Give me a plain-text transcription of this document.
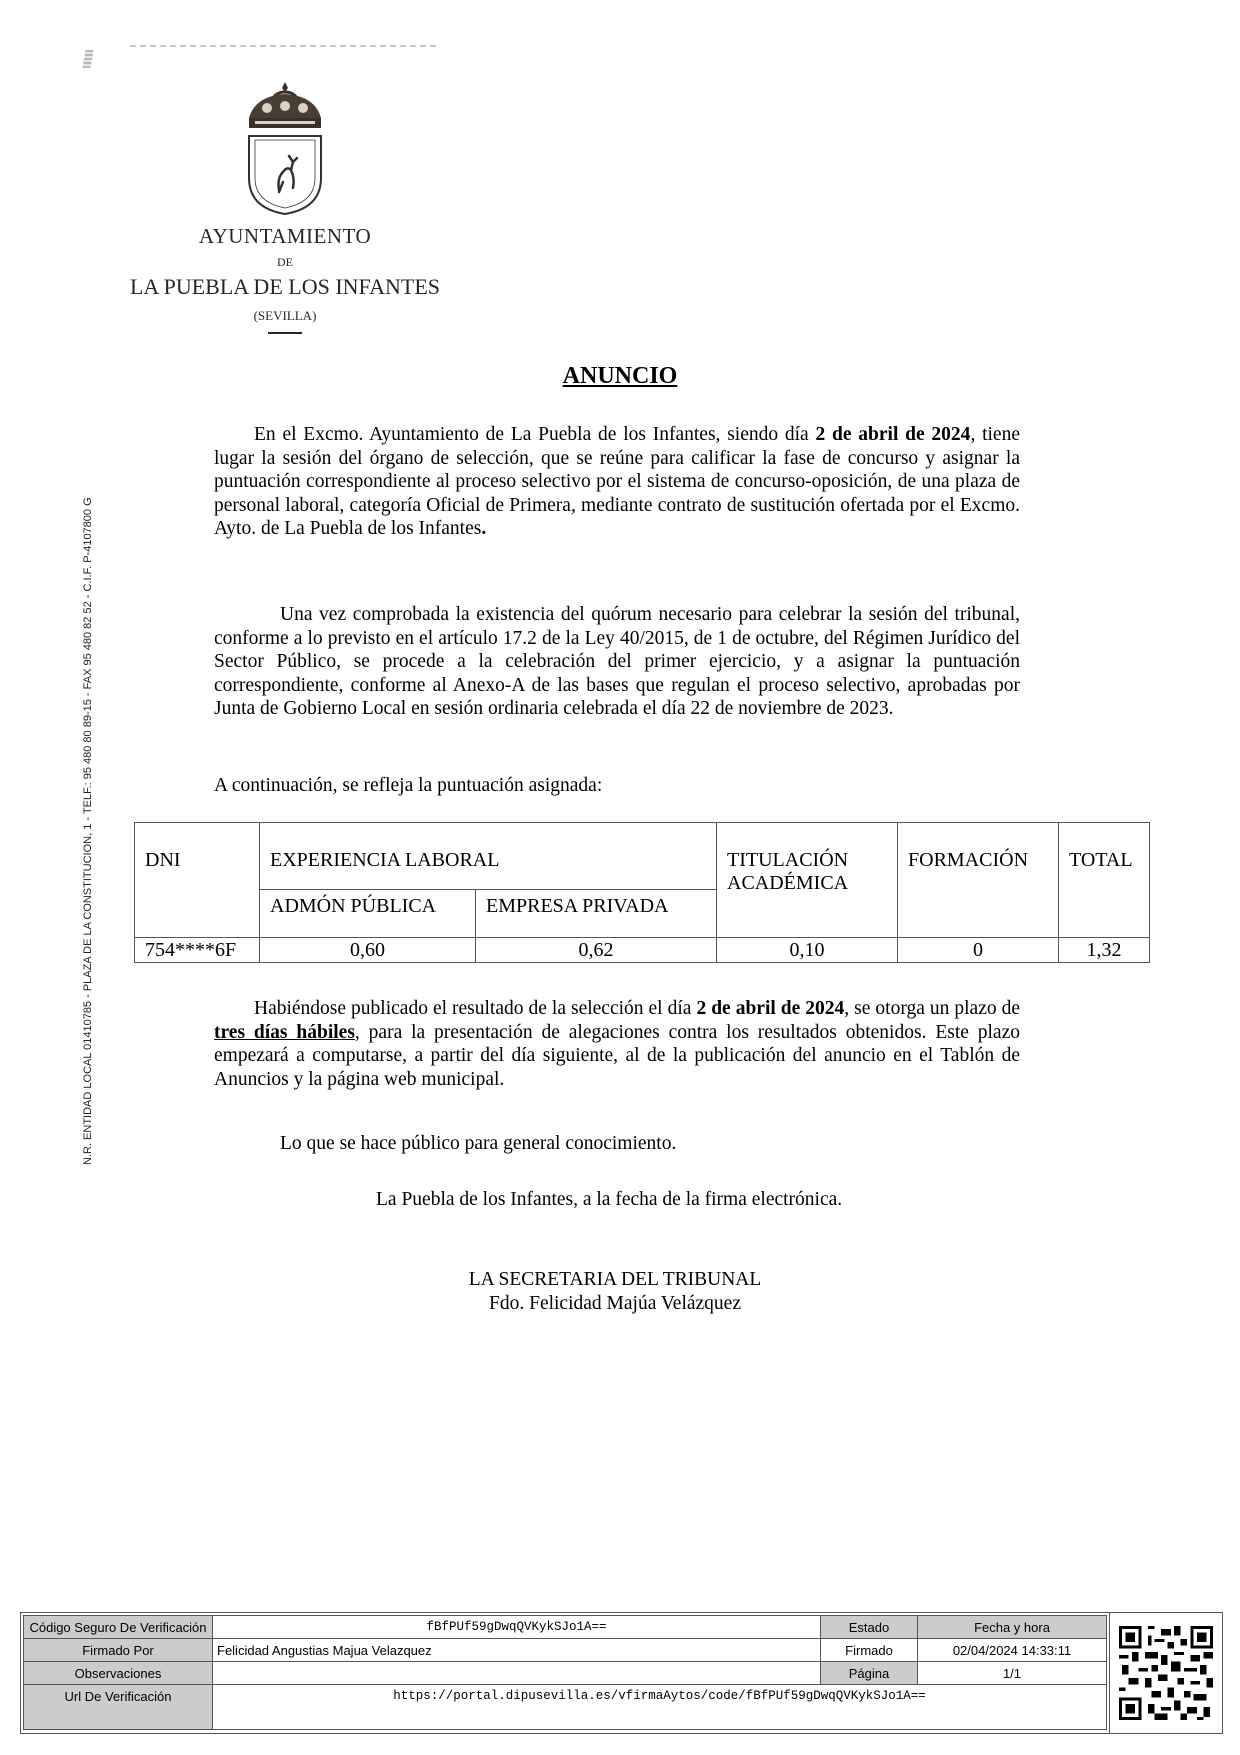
AYUNTAMIENTO
DE
LA PUEBLA DE LOS INFANTES
(SEVILLA)
N.R. ENTIDAD LOCAL 01410785 - PLAZA DE LA CONSTITUCION, 1 - TELF.: 95 480 80 89-15 - FAX 95 480 82 52 - C.I.F. P-4107800 G
ANUNCIO
En el Excmo. Ayuntamiento de La Puebla de los Infantes, siendo día 2 de abril de 2024, tiene lugar la sesión del órgano de selección, que se reúne para calificar la fase de concurso y asignar la puntuación correspondiente al proceso selectivo por el sistema de concurso-oposición, de una plaza de personal laboral, categoría Oficial de Primera, mediante contrato de sustitución ofertada por el Excmo. Ayto. de La Puebla de los Infantes.
Una vez comprobada la existencia del quórum necesario para celebrar la sesión del tribunal, conforme a lo previsto en el artículo 17.2 de la Ley 40/2015, de 1 de octubre, del Régimen Jurídico del Sector Público, se procede a la celebración del primer ejercicio, y a asignar la puntuación correspondiente, conforme al Anexo-A de las bases que regulan el proceso selectivo, aprobadas por Junta de Gobierno Local en sesión ordinaria celebrada el día 22 de noviembre de 2023.
A continuación, se refleja la puntuación asignada:
DNI	EXPERIENCIA LABORAL		TITULACIÓN ACADÉMICA	FORMACIÓN	TOTAL
	ADMÓN PÚBLICA	EMPRESA PRIVADA			
754****6F	0,60	0,62	0,10	0	1,32
Habiéndose publicado el resultado de la selección el día 2 de abril de 2024, se otorga un plazo de tres días hábiles, para la presentación de alegaciones contra los resultados obtenidos. Este plazo empezará a computarse, a partir del día siguiente, al de la publicación del anuncio en el Tablón de Anuncios y la página web municipal.
Lo que se hace público para general conocimiento.
La Puebla de los Infantes, a la fecha de la firma electrónica.
LA SECRETARIA DEL TRIBUNAL
Fdo. Felicidad Majúa Velázquez
Código Seguro De Verificación	fBfPUf59gDwqQVKykSJo1A==	Estado	Fecha y hora
Firmado Por	Felicidad Angustias Majua Velazquez	Firmado	02/04/2024 14:33:11
Observaciones		Página	1/1
Url De Verificación	https://portal.dipusevilla.es/vfirmaAytos/code/fBfPUf59gDwqQVKykSJo1A==		
